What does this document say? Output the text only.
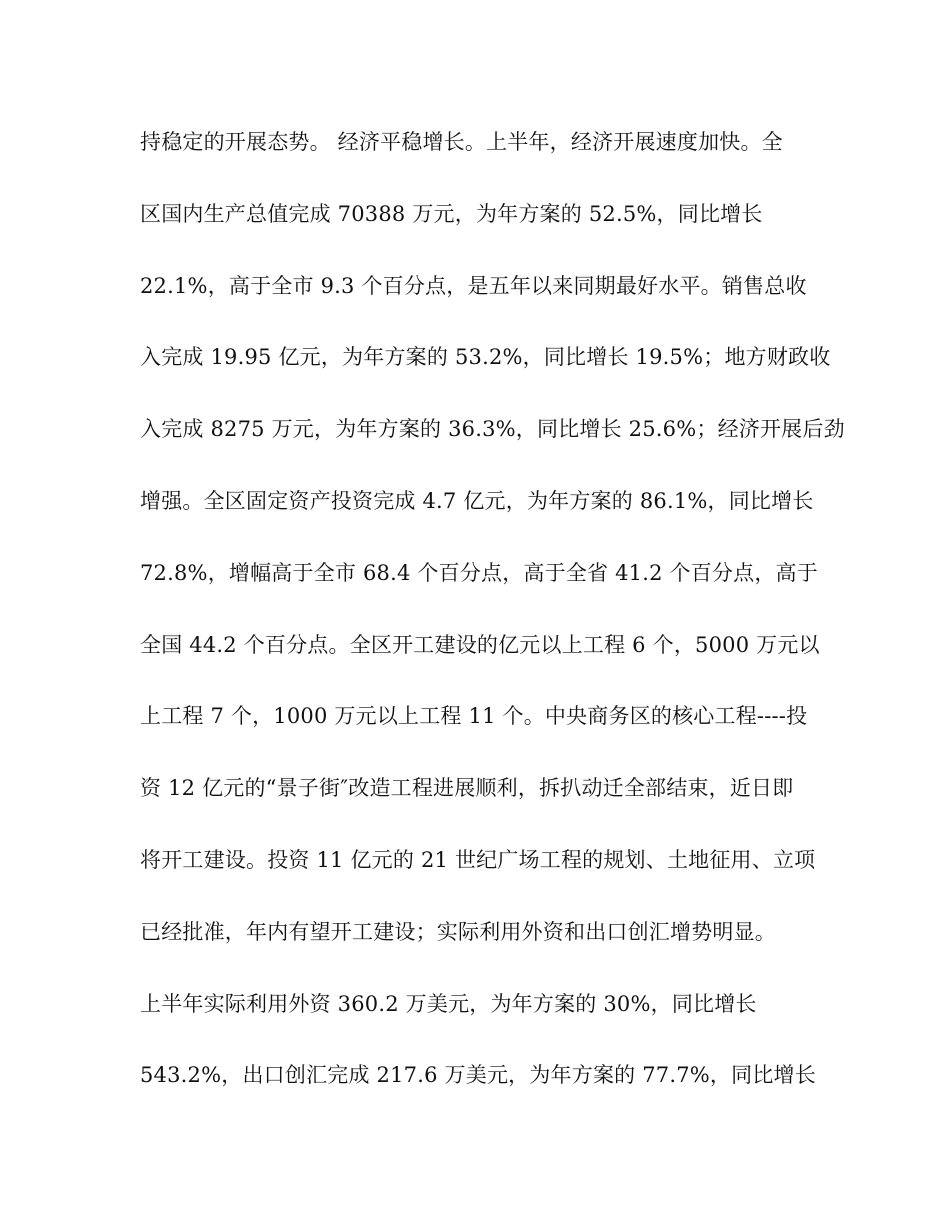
持稳定的开展态势。 经济平稳增长。上半年，经济开展速度加快。全
区国内生产总值完成 70388 万元，为年方案的 52.5%，同比增长
22.1%，高于全市 9.3 个百分点，是五年以来同期最好水平。销售总收
入完成 19.95 亿元，为年方案的 53.2%，同比增长 19.5%；地方财政收
入完成 8275 万元，为年方案的 36.3%，同比增长 25.6%；经济开展后劲
增强。全区固定资产投资完成 4.7 亿元，为年方案的 86.1%，同比增长
72.8%，增幅高于全市 68.4 个百分点，高于全省 41.2 个百分点，高于
全国 44.2 个百分点。全区开工建设的亿元以上工程 6 个，5000 万元以
上工程 7 个，1000 万元以上工程 11 个。中央商务区的核心工程----投
资 12 亿元的“景子街″改造工程进展顺利，拆扒动迁全部结束，近日即
将开工建设。投资 11 亿元的 21 世纪广场工程的规划、土地征用、立项
已经批准，年内有望开工建设；实际利用外资和出口创汇增势明显。
上半年实际利用外资 360.2 万美元，为年方案的 30%，同比增长
543.2%，出口创汇完成 217.6 万美元，为年方案的 77.7%，同比增长
